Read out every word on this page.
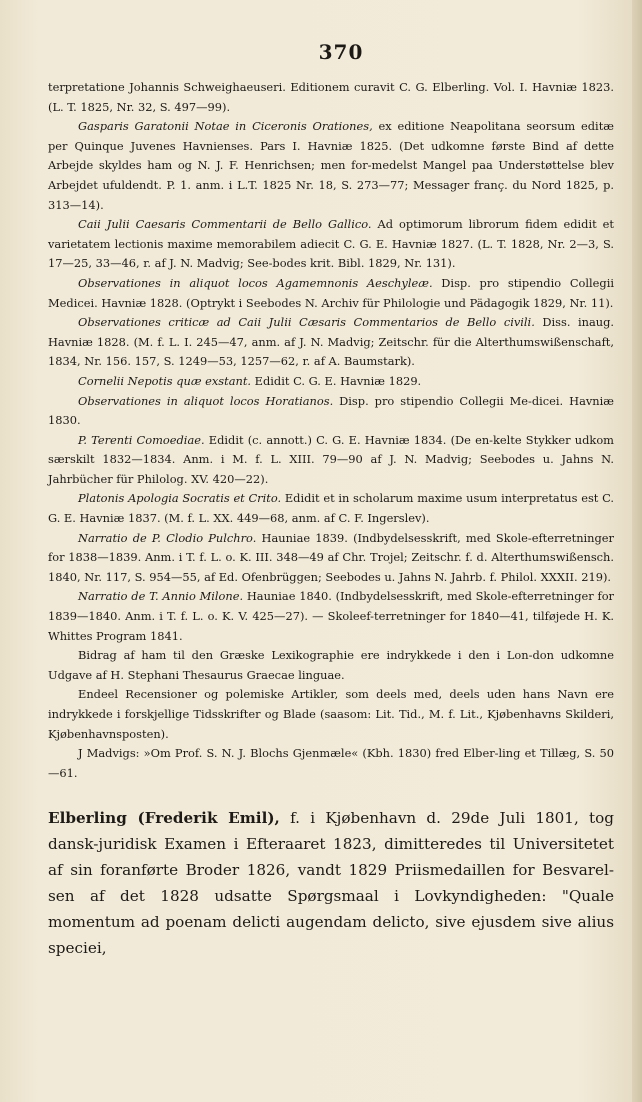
370

terpretatione Johannis Schweighaeuseri. Editionem curavit C. G. Elberling. Vol. I. Havniæ 1823. (L. T. 1825, Nr. 32, S. 497—99).

Gasparis Garatonii Notae in Ciceronis Orationes, ex editione Neapolitana seorsum editæ per Quinque Juvenes Havnienses. Pars I. Havniæ 1825. (Det udkomne første Bind af dette Arbejde skyldes ham og N. J. F. Henrichsen; men for-medelst Mangel paa Understøttelse blev Arbejdet ufuldendt. P. 1. anm. i L.T. 1825 Nr. 18, S. 273—77; Messager franç. du Nord 1825, p. 313—14).

Caii Julii Caesaris Commentarii de Bello Gallico. Ad optimorum librorum fidem edidit et varietatem lectionis maxime memorabilem adiecit C. G. E. Havniæ 1827. (L. T. 1828, Nr. 2—3, S. 17—25, 33—46, r. af J. N. Madvig; See-bodes krit. Bibl. 1829, Nr. 131).

Observationes in aliquot locos Agamemnonis Aeschyleæ. Disp. pro stipendio Collegii Medicei. Havniæ 1828. (Optrykt i Seebodes N. Archiv für Philologie und Pädagogik 1829, Nr. 11).

Observationes criticæ ad Caii Julii Cæsaris Commentarios de Bello civili. Diss. inaug. Havniæ 1828. (M. f. L. I. 245—47, anm. af J. N. Madvig; Zeitschr. für die Alterthumswißenschaft, 1834, Nr. 156. 157, S. 1249—53, 1257—62, r. af A. Baumstark).

Cornelii Nepotis quæ exstant. Edidit C. G. E. Havniæ 1829.

Observationes in aliquot locos Horatianos. Disp. pro stipendio Collegii Me-dicei. Havniæ 1830.

P. Terenti Comoediae. Edidit (c. annott.) C. G. E. Havniæ 1834. (De en-kelte Stykker udkom særskilt 1832—1834. Anm. i M. f. L. XIII. 79—90 af J. N. Madvig; Seebodes u. Jahns N. Jahrbücher für Philolog. XV. 420—22).

Platonis Apologia Socratis et Crito. Edidit et in scholarum maxime usum interpretatus est C. G. E. Havniæ 1837. (M. f. L. XX. 449—68, anm. af C. F. Ingerslev).

Narratio de P. Clodio Pulchro. Hauniae 1839. (Indbydelsesskrift, med Skole-efterretninger for 1838—1839. Anm. i T. f. L. o. K. III. 348—49 af Chr. Trojel; Zeitschr. f. d. Alterthumswißensch. 1840, Nr. 117, S. 954—55, af Ed. Ofenbrüggen; Seebodes u. Jahns N. Jahrb. f. Philol. XXXII. 219).

Narratio de T. Annio Milone. Hauniae 1840. (Indbydelsesskrift, med Skole-efterretninger for 1839—1840. Anm. i T. f. L. o. K. V. 425—27). — Skoleef-terretninger for 1840—41, tilføjede H. K. Whittes Program 1841.

Bidrag af ham til den Græske Lexikographie ere indrykkede i den i Lon-don udkomne Udgave af H. Stephani Thesaurus Graecae linguae.

Endeel Recensioner og polemiske Artikler, som deels med, deels uden hans Navn ere indrykkede i forskjellige Tidsskrifter og Blade (saasom: Lit. Tid., M. f. Lit., Kjøbenhavns Skilderi, Kjøbenhavnsposten).

J Madvigs: »Om Prof. S. N. J. Blochs Gjenmæle« (Kbh. 1830) fred Elber-ling et Tillæg, S. 50—61.

Elberling (Frederik Emil), f. i Kjøbenhavn d. 29de Juli 1801, tog dansk-juridisk Examen i Efteraaret 1823, dimitteredes til Universitetet af sin foranførte Broder 1826, vandt 1829 Priismedaillen for Besvarel-sen af det 1828 udsatte Spørgsmaal i Lovkyndigheden: "Quale momentum ad poenam delicti augendam delicto, sive ejusdem sive alius speciei,
